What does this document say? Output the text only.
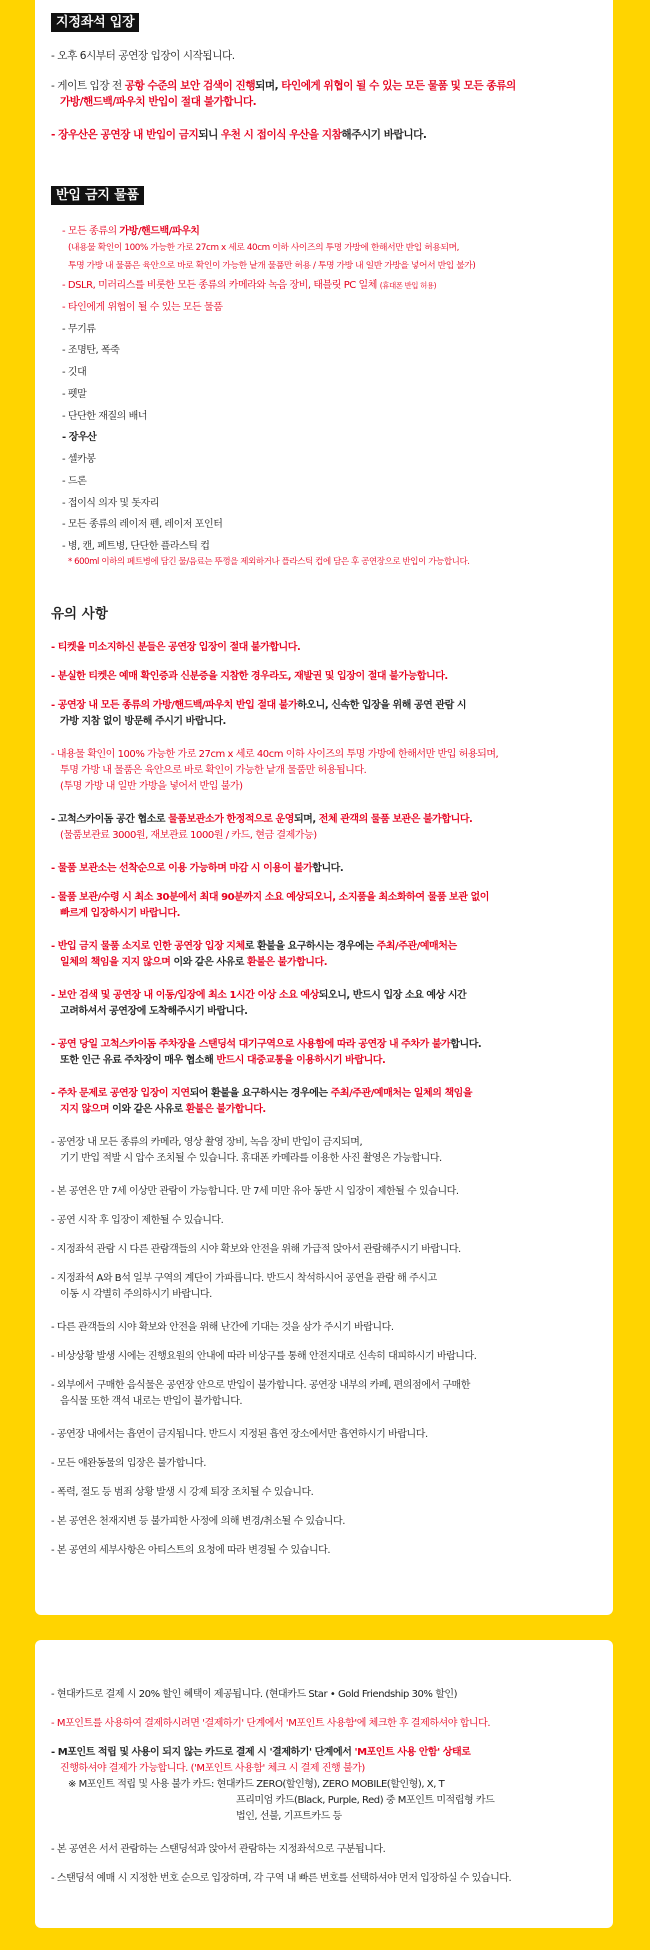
지정좌석 입장
- 오후 6시부터 공연장 입장이 시작됩니다.
- 게이트 입장 전 공항 수준의 보안 검색이 진행되며, 타인에게 위협이 될 수 있는 모든 물품 및 모든 종류의
가방/핸드백/파우치 반입이 절대 불가합니다.
- 장우산은 공연장 내 반입이 금지되니 우천 시 접이식 우산을 지참해주시기 바랍니다.
반입 금지 물품
- 모든 종류의 가방/핸드백/파우치
(내용물 확인이 100% 가능한 가로 27cm x 세로 40cm 이하 사이즈의 투명 가방에 한해서만 반입 허용되며,
투명 가방 내 물품은 육안으로 바로 확인이 가능한 낱개 물품만 허용 / 투명 가방 내 일반 가방을 넣어서 반입 불가)
- DSLR, 미러리스를 비롯한 모든 종류의 카메라와 녹음 장비, 태블릿 PC 일체 (휴대폰 반입 허용)
- 타인에게 위협이 될 수 있는 모든 물품
- 무기류
- 조명탄, 폭죽
- 깃대
- 펫말
- 단단한 재질의 배너
- 장우산
- 셀카봉
- 드론
- 접이식 의자 및 돗자리
- 모든 종류의 레이저 펜, 레이저 포인터
- 병, 캔, 페트병, 단단한 플라스틱 컵
* 600ml 이하의 페트병에 담긴 물/음료는 뚜껑을 제외하거나 플라스틱 컵에 담은 후 공연장으로 반입이 가능합니다.
유의 사항
- 티켓을 미소지하신 분들은 공연장 입장이 절대 불가합니다.
- 분실한 티켓은 예매 확인증과 신분증을 지참한 경우라도, 재발권 및 입장이 절대 불가능합니다.
- 공연장 내 모든 종류의 가방/핸드백/파우치 반입 절대 불가하오니, 신속한 입장을 위해 공연 관람 시
가방 지참 없이 방문해 주시기 바랍니다.
- 내용물 확인이 100% 가능한 가로 27cm x 세로 40cm 이하 사이즈의 투명 가방에 한해서만 반입 허용되며,
투명 가방 내 물품은 육안으로 바로 확인이 가능한 낱개 물품만 허용됩니다.
(투명 가방 내 일반 가방을 넣어서 반입 불가)
- 고척스카이돔 공간 협소로 물품보관소가 한정적으로 운영되며, 전체 관객의 물품 보관은 불가합니다.
(물품보관료 3000원, 재보관료 1000원 / 카드, 현금 결제가능)
- 물품 보관소는 선착순으로 이용 가능하며 마감 시 이용이 불가합니다.
- 물품 보관/수령 시 최소 30분에서 최대 90분까지 소요 예상되오니, 소지품을 최소화하여 물품 보관 없이
빠르게 입장하시기 바랍니다.
- 반입 금지 물품 소지로 인한 공연장 입장 지체로 환불을 요구하시는 경우에는 주최/주관/예매처는
일체의 책임을 지지 않으며 이와 같은 사유로 환불은 불가합니다.
- 보안 검색 및 공연장 내 이동/입장에 최소 1시간 이상 소요 예상되오니, 반드시 입장 소요 예상 시간
고려하셔서 공연장에 도착해주시기 바랍니다.
- 공연 당일 고척스카이돔 주차장을 스탠딩석 대기구역으로 사용함에 따라 공연장 내 주차가 불가합니다.
또한 인근 유료 주차장이 매우 협소해 반드시 대중교통을 이용하시기 바랍니다.
- 주차 문제로 공연장 입장이 지연되어 환불을 요구하시는 경우에는 주최/주관/예매처는 일체의 책임을
지지 않으며 이와 같은 사유로 환불은 불가합니다.
- 공연장 내 모든 종류의 카메라, 영상 촬영 장비, 녹음 장비 반입이 금지되며,
기기 반입 적발 시 압수 조치될 수 있습니다. 휴대폰 카메라를 이용한 사진 촬영은 가능합니다.
- 본 공연은 만 7세 이상만 관람이 가능합니다. 만 7세 미만 유아 동반 시 입장이 제한될 수 있습니다.
- 공연 시작 후 입장이 제한될 수 있습니다.
- 지정좌석 관람 시 다른 관람객들의 시야 확보와 안전을 위해 가급적 앉아서 관람해주시기 바랍니다.
- 지정좌석 A와 B석 일부 구역의 계단이 가파릅니다. 반드시 착석하시어 공연을 관람 해 주시고
이동 시 각별히 주의하시기 바랍니다.
- 다른 관객들의 시야 확보와 안전을 위해 난간에 기대는 것을 삼가 주시기 바랍니다.
- 비상상황 발생 시에는 진행요원의 안내에 따라 비상구를 통해 안전지대로 신속히 대피하시기 바랍니다.
- 외부에서 구매한 음식물은 공연장 안으로 반입이 불가합니다. 공연장 내부의 카페, 편의점에서 구매한
음식물 또한 객석 내로는 반입이 불가합니다.
- 공연장 내에서는 흡연이 금지됩니다. 반드시 지정된 흡연 장소에서만 흡연하시기 바랍니다.
- 모든 애완동물의 입장은 불가합니다.
- 폭력, 절도 등 범죄 상황 발생 시 강제 퇴장 조치될 수 있습니다.
- 본 공연은 천재지변 등 불가피한 사정에 의해 변경/취소될 수 있습니다.
- 본 공연의 세부사항은 아티스트의 요청에 따라 변경될 수 있습니다.
- 현대카드로 결제 시 20% 할인 혜택이 제공됩니다. (현대카드 Star • Gold Friendship 30% 할인)
- M포인트를 사용하여 결제하시려면 '결제하기' 단계에서 'M포인트 사용함'에 체크한 후 결제하셔야 합니다.
- M포인트 적립 및 사용이 되지 않는 카드로 결제 시 '결제하기' 단계에서 'M포인트 사용 안함' 상태로
진행하셔야 결제가 가능합니다. ('M포인트 사용함' 체크 시 결제 진행 불가)
※ M포인트 적립 및 사용 불가 카드: 현대카드 ZERO(할인형), ZERO MOBILE(할인형), X, T
프리미엄 카드(Black, Purple, Red) 중 M포인트 미적립형 카드
법인, 선불, 기프트카드 등
- 본 공연은 서서 관람하는 스탠딩석과 앉아서 관람하는 지정좌석으로 구분됩니다.
- 스탠딩석 예매 시 지정한 번호 순으로 입장하며, 각 구역 내 빠른 번호를 선택하셔야 먼저 입장하실 수 있습니다.
